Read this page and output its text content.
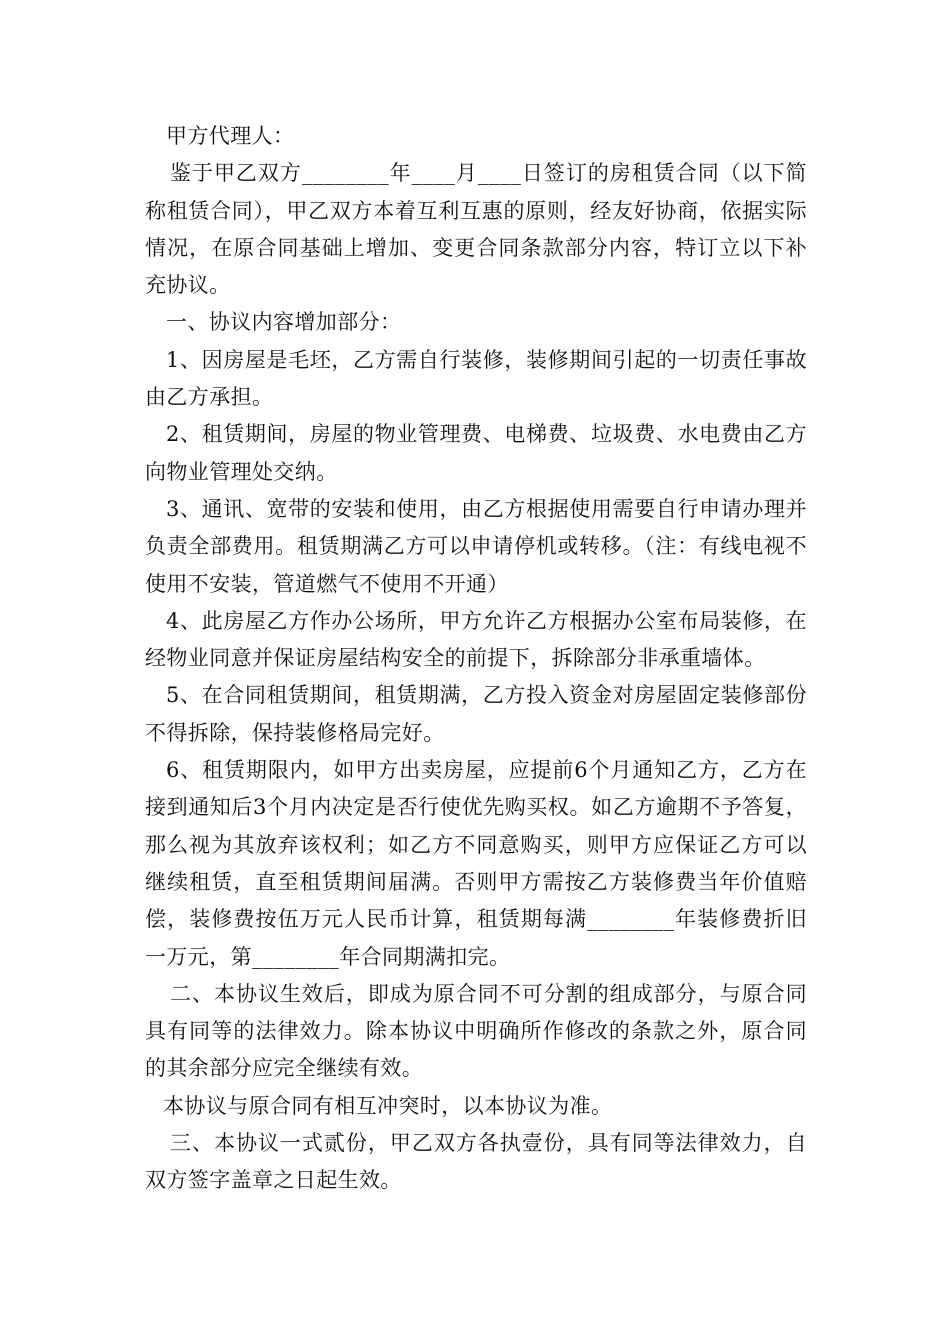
甲方代理人：

鉴于甲乙双方________年____月____日签订的房租赁合同（以下简称租赁合同），甲乙双方本着互利互惠的原则，经友好协商，依据实际情况，在原合同基础上增加、变更合同条款部分内容，特订立以下补充协议。

一、协议内容增加部分：

1、因房屋是毛坯，乙方需自行装修，装修期间引起的一切责任事故由乙方承担。

2、租赁期间，房屋的物业管理费、电梯费、垃圾费、水电费由乙方向物业管理处交纳。

3、通讯、宽带的安装和使用，由乙方根据使用需要自行申请办理并负责全部费用。租赁期满乙方可以申请停机或转移。（注：有线电视不使用不安装，管道燃气不使用不开通）

4、此房屋乙方作办公场所，甲方允许乙方根据办公室布局装修，在经物业同意并保证房屋结构安全的前提下，拆除部分非承重墙体。

5、在合同租赁期间，租赁期满，乙方投入资金对房屋固定装修部份不得拆除，保持装修格局完好。

6、租赁期限内，如甲方出卖房屋，应提前6个月通知乙方，乙方在接到通知后3个月内决定是否行使优先购买权。如乙方逾期不予答复，那么视为其放弃该权利；如乙方不同意购买，则甲方应保证乙方可以继续租赁，直至租赁期间届满。否则甲方需按乙方装修费当年价值赔偿，装修费按伍万元人民币计算，租赁期每满________年装修费折旧一万元，第________年合同期满扣完。

二、本协议生效后，即成为原合同不可分割的组成部分，与原合同具有同等的法律效力。除本协议中明确所作修改的条款之外，原合同的其余部分应完全继续有效。

本协议与原合同有相互冲突时，以本协议为准。

三、本协议一式贰份，甲乙双方各执壹份，具有同等法律效力，自双方签字盖章之日起生效。
